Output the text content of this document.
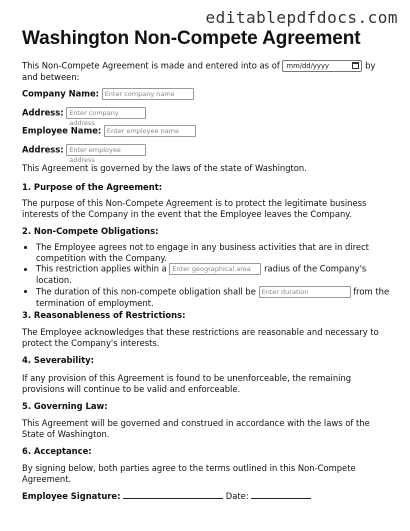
editablepdfdocs.com
Washington Non-Compete Agreement
This Non-Compete Agreement is made and entered into as of mm/dd/yyyy	by and between:
Company Name: Enter company name
Address: Enter company address
Employee Name: Enter employee name
Address: Enter employee address
This Agreement is governed by the laws of the state of Washington.
1. Purpose of the Agreement:
The purpose of this Non-Compete Agreement is to protect the legitimate business interests of the Company in the event that the Employee leaves the Company.
2. Non-Compete Obligations:
• The Employee agrees not to engage in any business activities that are in direct competition with the Company.
• This restriction applies within a Enter geographical area radius of the Company's location.
• The duration of this non-compete obligation shall be Enter duration	from the termination of employment.
3. Reasonableness of Restrictions:
The Employee acknowledges that these restrictions are reasonable and necessary to protect the Company's interests.
4. Severability:
If any provision of this Agreement is found to be unenforceable, the remaining provisions will continue to be valid and enforceable.
5. Governing Law:
This Agreement will be governed and construed in accordance with the laws of the State of Washington.
6. Acceptance:
By signing below, both parties agree to the terms outlined in this Non-Compete Agreement.
Employee Signature:	Date:
